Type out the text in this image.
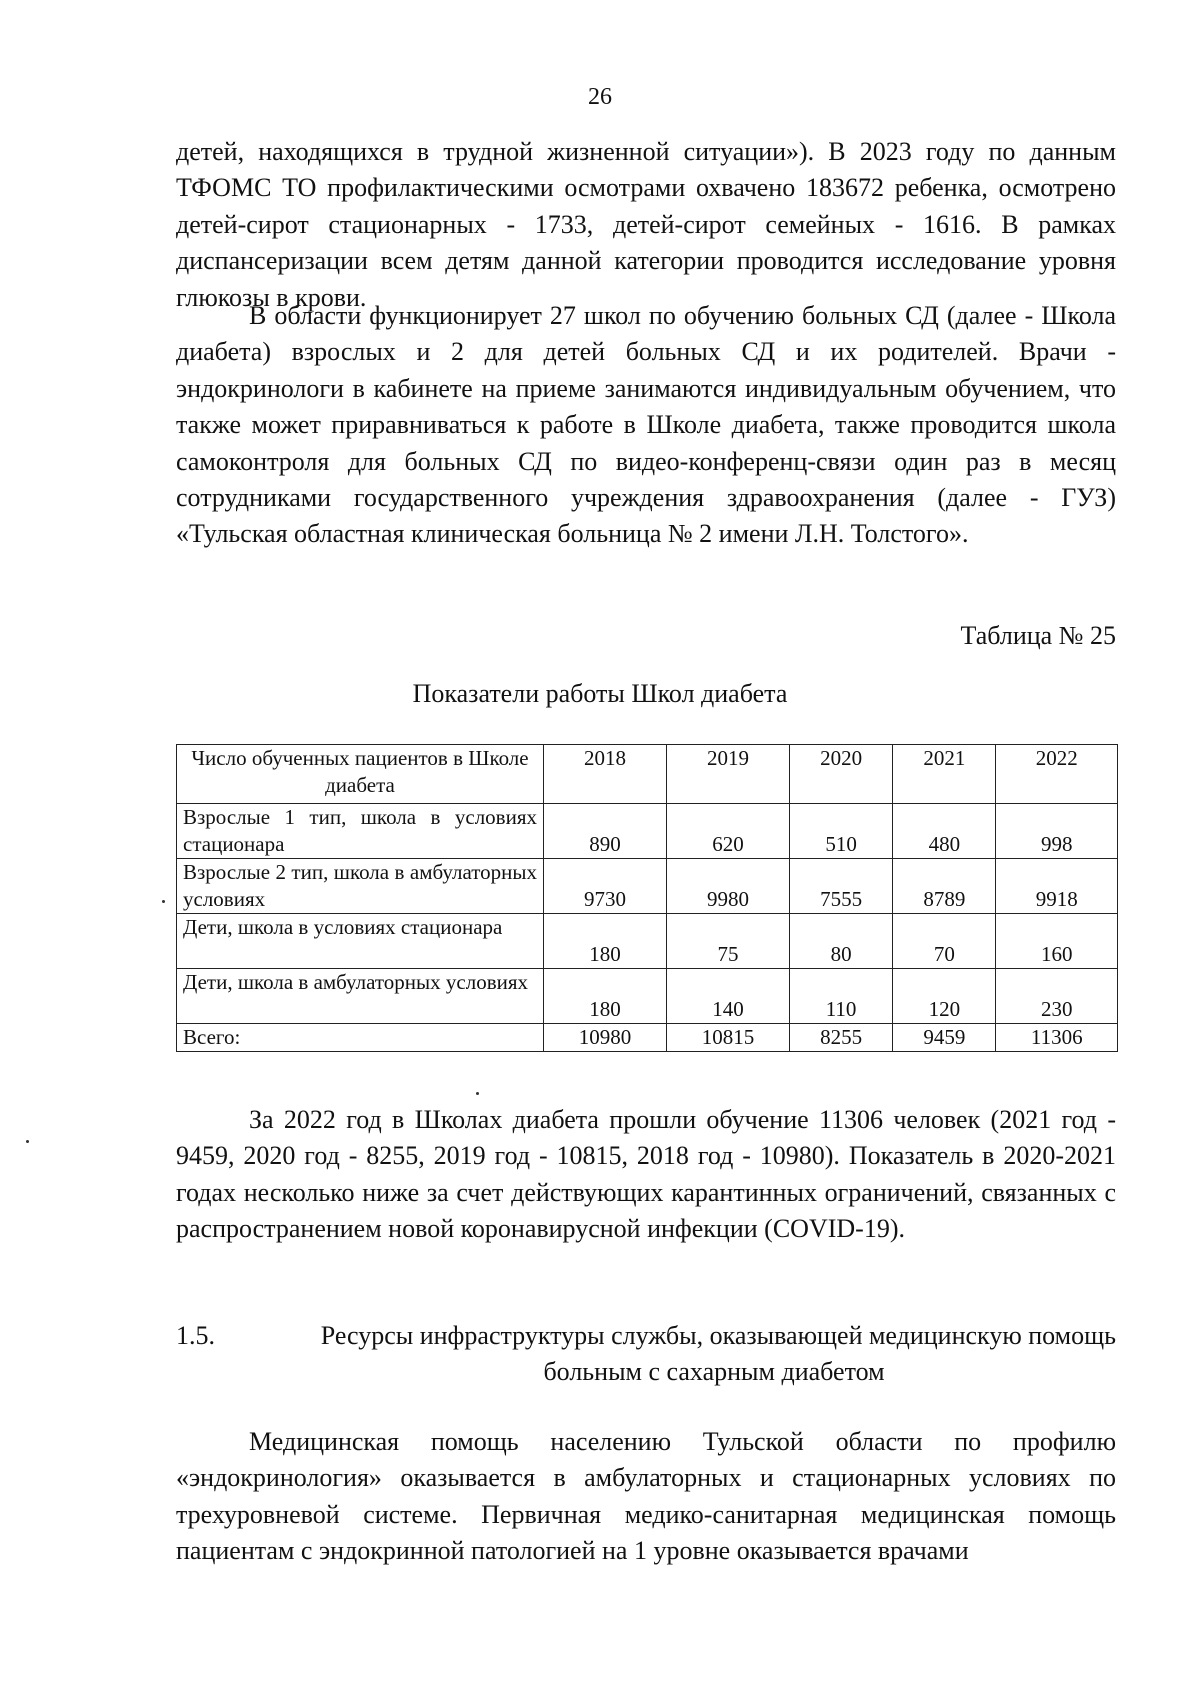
26

детей, находящихся в трудной жизненной ситуации»). В 2023 году по данным ТФОМС ТО профилактическими осмотрами охвачено 183672 ребенка, осмотрено детей-сирот стационарных - 1733, детей-сирот семейных - 1616. В рамках диспансеризации всем детям данной категории проводится исследование уровня глюкозы в крови.

В области функционирует 27 школ по обучению больных СД (далее - Школа диабета) взрослых и 2 для детей больных СД и их родителей. Врачи - эндокринологи в кабинете на приеме занимаются индивидуальным обучением, что также может приравниваться к работе в Школе диабета, также проводится школа самоконтроля для больных СД по видео-конференц-связи один раз в месяц сотрудниками государственного учреждения здравоохранения (далее - ГУЗ) «Тульская областная клиническая больница № 2 имени Л.Н. Толстого».

Таблица № 25
Показатели работы Школ диабета
Число обученных пациентов в Школе диабета	2018	2019	2020	2021	2022
Взрослые 1 тип, школа в условиях стационара	890	620	510	480	998
Взрослые 2 тип, школа в амбулаторных условиях	9730	9980	7555	8789	9918
Дети, школа в условиях стационара	180	75	80	70	160
Дети, школа в амбулаторных условиях	180	140	110	120	230
Всего:	10980	10815	8255	9459	11306

За 2022 год в Школах диабета прошли обучение 11306 человек (2021 год - 9459, 2020 год - 8255, 2019 год - 10815, 2018 год - 10980). Показатель в 2020-2021 годах несколько ниже за счет действующих карантинных ограничений, связанных с распространением новой коронавирусной инфекции (COVID-19).

1.5.	Ресурсы инфраструктуры службы, оказывающей медицинскую помощь
больным с сахарным диабетом

Медицинская помощь населению Тульской области по профилю «эндокринология» оказывается в амбулаторных и стационарных условиях по трехуровневой системе. Первичная медико-санитарная медицинская помощь пациентам с эндокринной патологией на 1 уровне оказывается врачами
